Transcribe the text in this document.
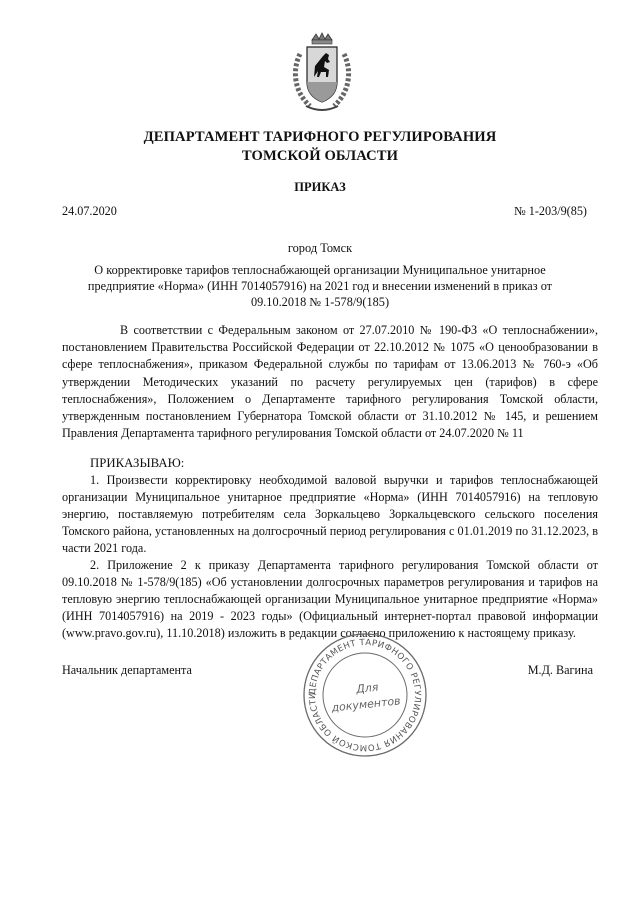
ДЕПАРТАМЕНТ ТАРИФНОГО РЕГУЛИРОВАНИЯ
ТОМСКОЙ ОБЛАСТИ
ПРИКАЗ
24.07.2020	№ 1-203/9(85)
город Томск
О корректировке тарифов теплоснабжающей организации Муниципальное унитарное предприятие «Норма» (ИНН 7014057916) на 2021 год и внесении изменений в приказ от 09.10.2018 № 1-578/9(185)
В соответствии с Федеральным законом от 27.07.2010 № 190-ФЗ «О теплоснабжении», постановлением Правительства Российской Федерации от 22.10.2012 № 1075 «О ценообразовании в сфере теплоснабжения», приказом Федеральной службы по тарифам от 13.06.2013 № 760-э «Об утверждении Методических указаний по расчету регулируемых цен (тарифов) в сфере теплоснабжения», Положением о Департаменте тарифного регулирования Томской области, утвержденным постановлением Губернатора Томской области от 31.10.2012 № 145, и решением Правления Департамента тарифного регулирования Томской области от 24.07.2020 № 11

ПРИКАЗЫВАЮ:

1. Произвести корректировку необходимой валовой выручки и тарифов теплоснабжающей организации Муниципальное унитарное предприятие «Норма» (ИНН 7014057916) на тепловую энергию, поставляемую потребителям села Зоркальцево Зоркальцевского сельского поселения Томского района, установленных на долгосрочный период регулирования с 01.01.2019 по 31.12.2023, в части 2021 года.

2. Приложение 2 к приказу Департамента тарифного регулирования Томской области от 09.10.2018 № 1-578/9(185) «Об установлении долгосрочных параметров регулирования и тарифов на тепловую энергию теплоснабжающей организации Муниципальное унитарное предприятие «Норма» (ИНН 7014057916) на 2019 - 2023 годы» (Официальный интернет-портал правовой информации (www.pravo.gov.ru), 11.10.2018) изложить в редакции согласно приложению к настоящему приказу.

Начальник департамента	М.Д. Вагина
ДЕПАРТАМЕНТ ТАРИФНОГО РЕГУЛИРОВАНИЯ ТОМСКОЙ ОБЛАСТИ	Для
документов
